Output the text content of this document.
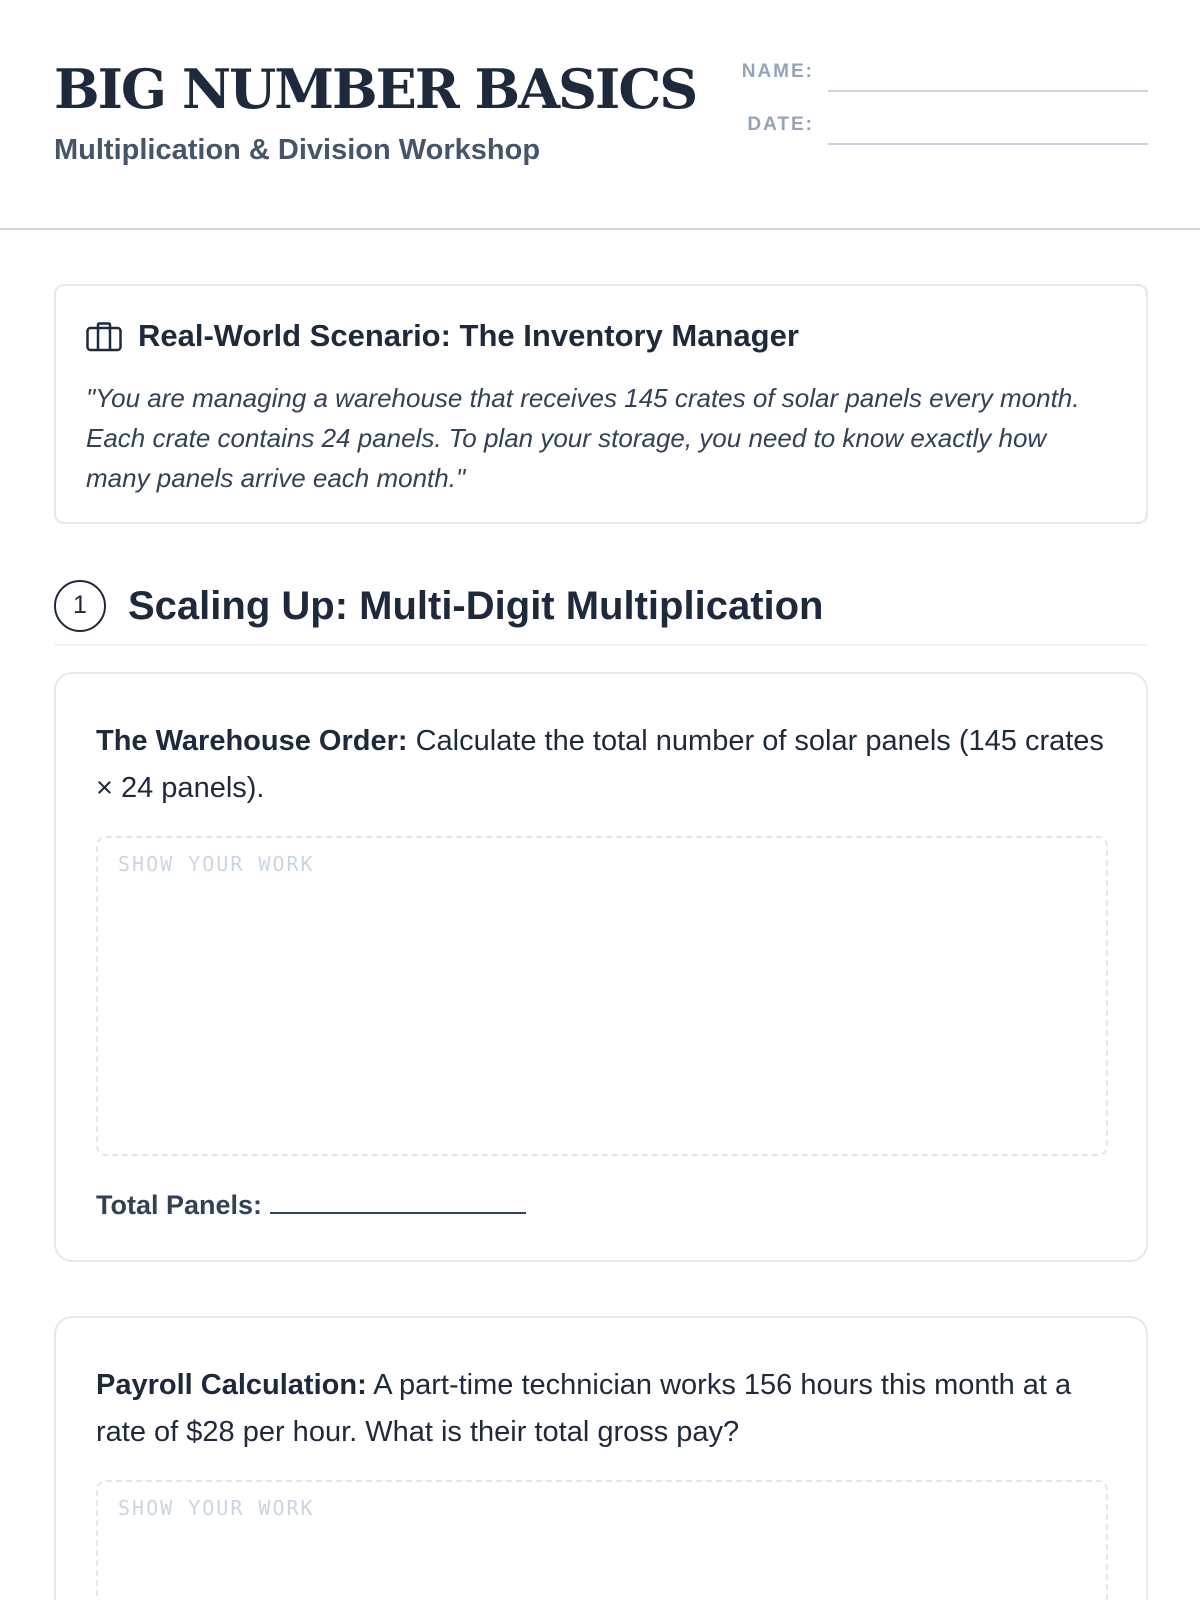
BIG NUMBER BASICS
Multiplication & Division Workshop
NAME:
DATE:
Real-World Scenario: The Inventory Manager
"You are managing a warehouse that receives 145 crates of solar panels every month. Each crate contains 24 panels. To plan your storage, you need to know exactly how many panels arrive each month."
1	Scaling Up: Multi-Digit Multiplication
The Warehouse Order: Calculate the total number of solar panels (145 crates × 24 panels).
SHOW YOUR WORK
Total Panels:
Payroll Calculation: A part-time technician works 156 hours this month at a rate of $28 per hour. What is their total gross pay?
SHOW YOUR WORK
